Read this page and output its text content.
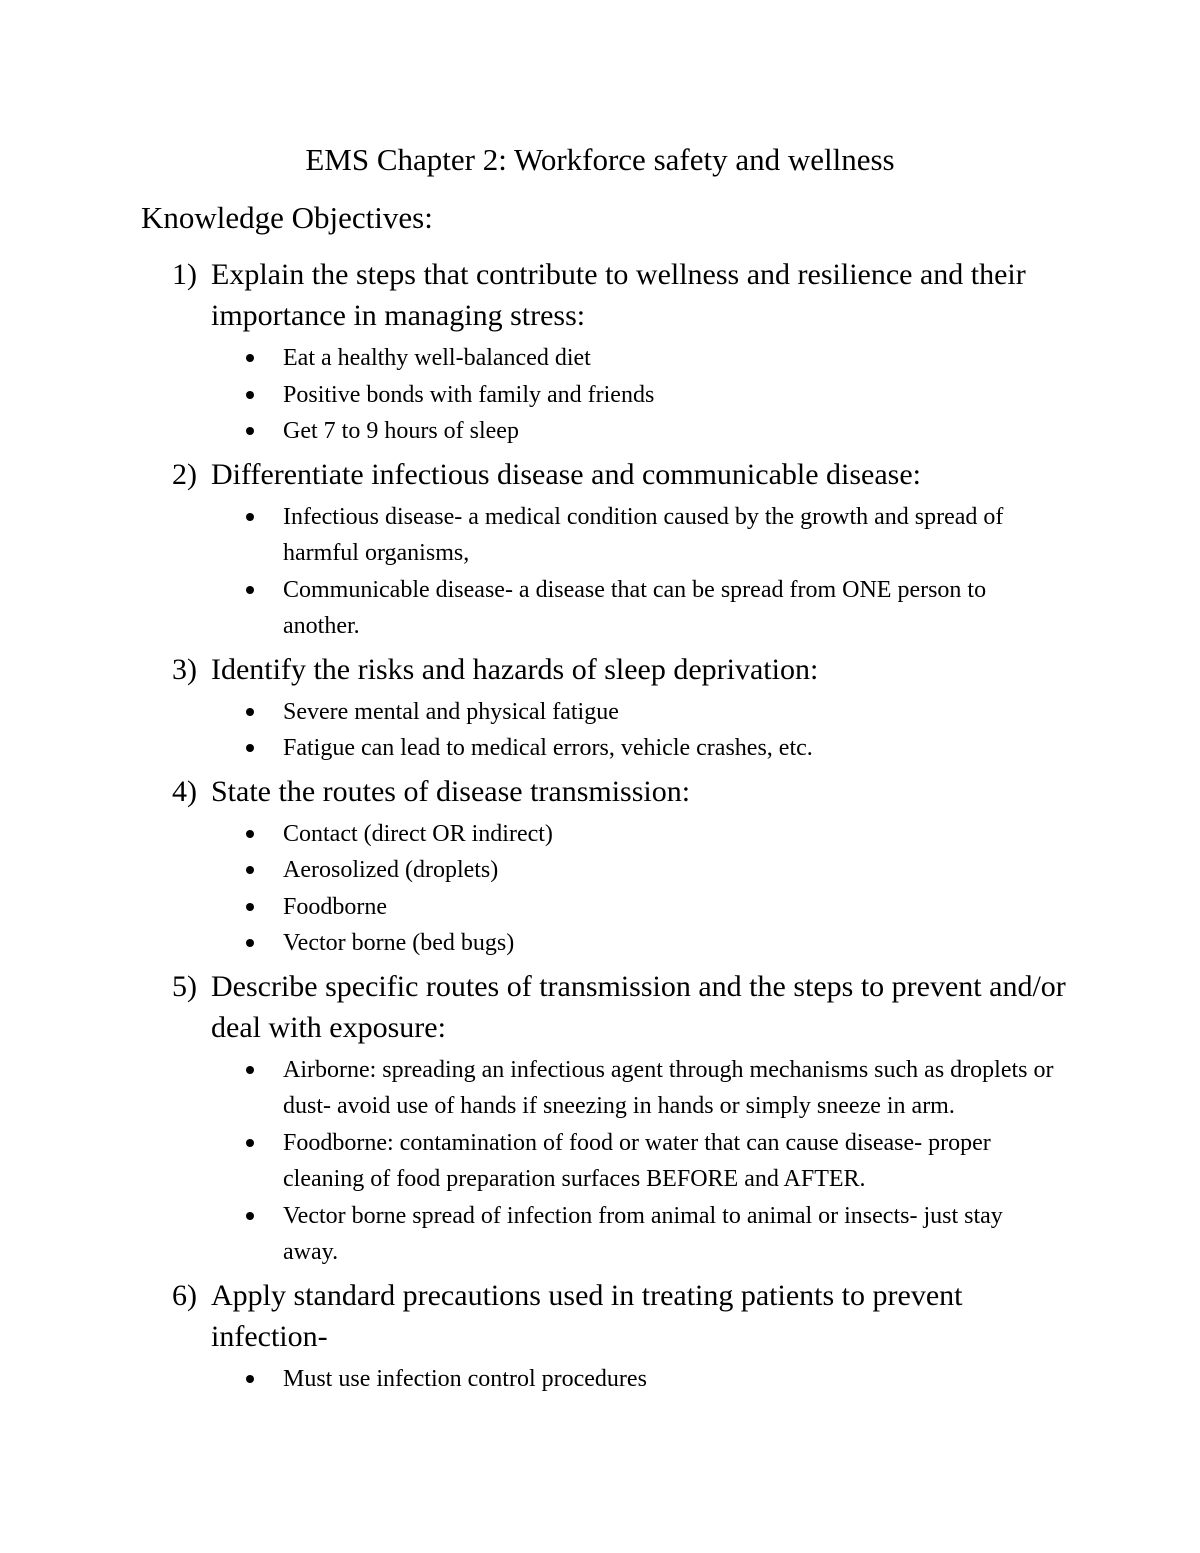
EMS Chapter 2: Workforce safety and wellness

Knowledge Objectives:

1) Explain the steps that contribute to wellness and resilience and their importance in managing stress:
Eat a healthy well-balanced diet
Positive bonds with family and friends
Get 7 to 9 hours of sleep
2) Differentiate infectious disease and communicable disease:
Infectious disease- a medical condition caused by the growth and spread of harmful organisms,
Communicable disease- a disease that can be spread from ONE person to another.
3) Identify the risks and hazards of sleep deprivation:
Severe mental and physical fatigue
Fatigue can lead to medical errors, vehicle crashes, etc.
4) State the routes of disease transmission:
Contact (direct OR indirect)
Aerosolized (droplets)
Foodborne
Vector borne (bed bugs)
5) Describe specific routes of transmission and the steps to prevent and/or deal with exposure:
Airborne: spreading an infectious agent through mechanisms such as droplets or dust- avoid use of hands if sneezing in hands or simply sneeze in arm.
Foodborne: contamination of food or water that can cause disease- proper cleaning of food preparation surfaces BEFORE and AFTER.
Vector borne spread of infection from animal to animal or insects- just stay away.
6) Apply standard precautions used in treating patients to prevent infection-
Must use infection control procedures
